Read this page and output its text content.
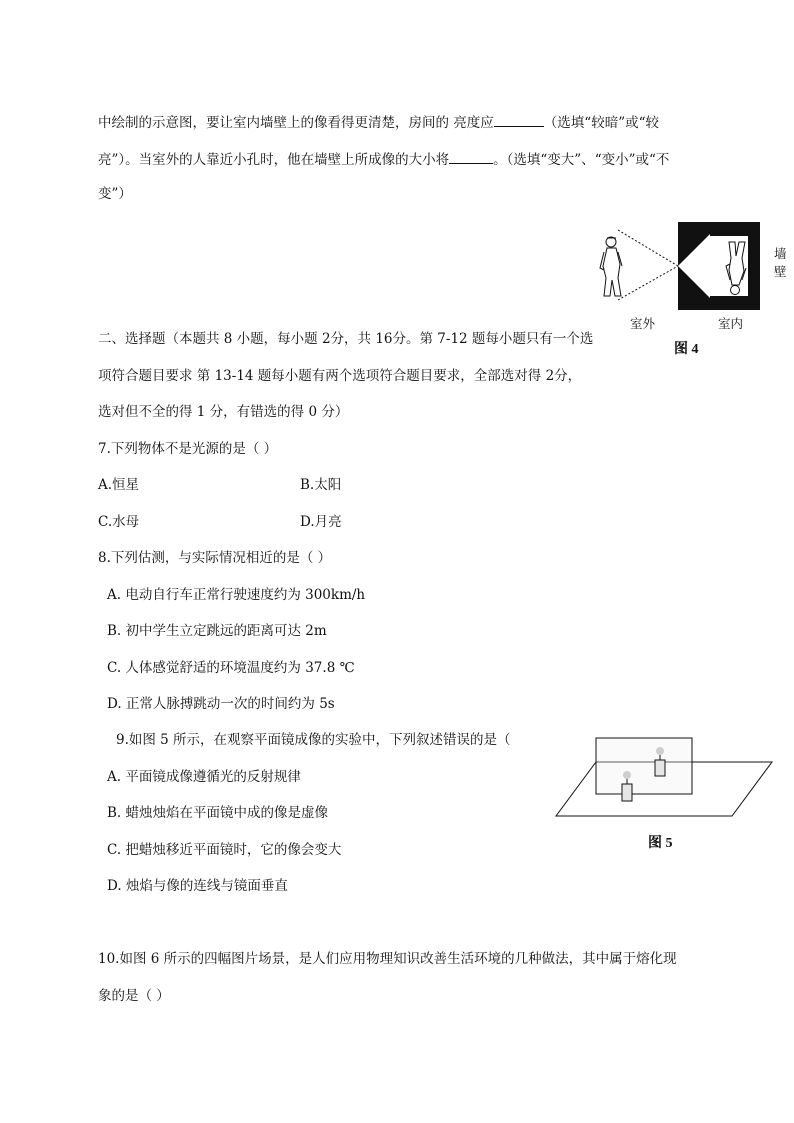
中绘制的示意图，要让室内墙壁上的像看得更清楚，房间的 亮度应	（选填“较暗”或“较
亮”）。当室外的人靠近小孔时，他在墙壁上所成像的大小将	。（选填“变大”、“变小”或“不
变”）
墙
壁
室外	室内
图 4
二、选择题（本题共 8 小题，每小题 2分，共 16分。第 7-12 题每小题只有一个选
项符合题目要求 第 13-14 题每小题有两个选项符合题目要求，全部选对得 2分，
选对但不全的得 1 分，有错选的得 0 分）
7.下列物体不是光源的是（ ）
A.恒星	B.太阳
C.水母	D.月亮
8.下列估测，与实际情况相近的是（ ）
A. 电动自行车正常行驶速度约为 300km/h
B. 初中学生立定跳远的距离可达 2m
C. 人体感觉舒适的环境温度约为 37.8 ℃
D. 正常人脉搏跳动一次的时间约为 5s
9.如图 5 所示，在观察平面镜成像的实验中，下列叙述错误的是（
A. 平面镜成像遵循光的反射规律
B. 蜡烛烛焰在平面镜中成的像是虚像
C. 把蜡烛移近平面镜时，它的像会变大
D. 烛焰与像的连线与镜面垂直
图 5
10.如图 6 所示的四幅图片场景，是人们应用物理知识改善生活环境的几种做法，其中属于熔化现
象的是（ ）
